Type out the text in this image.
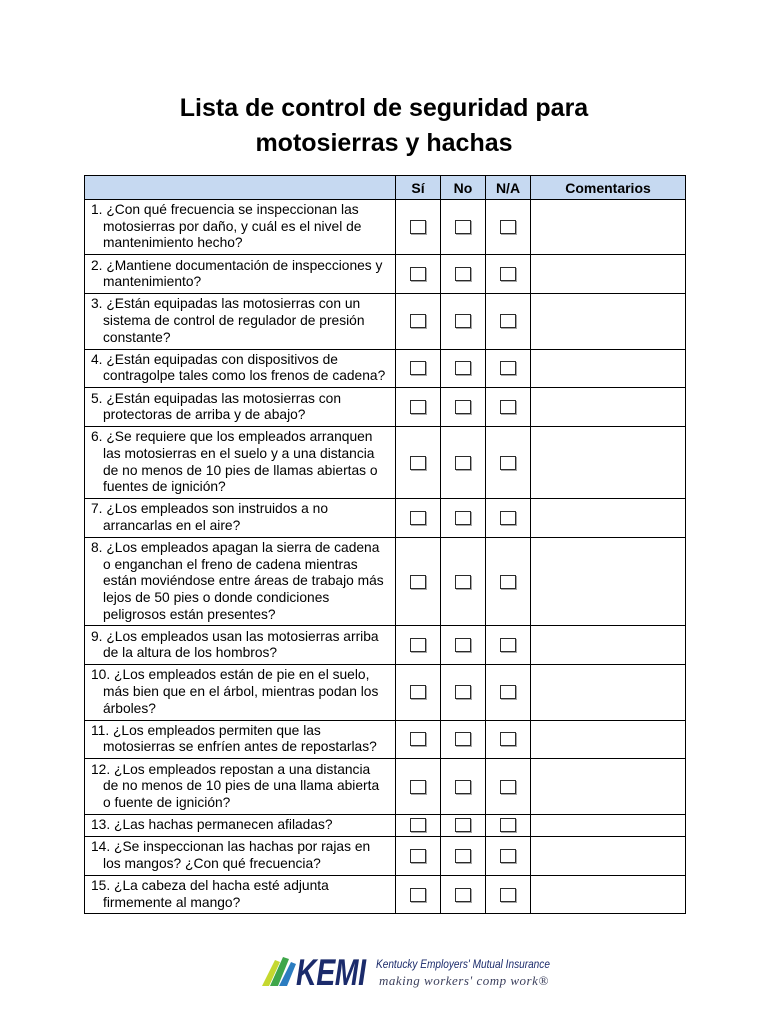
Lista de control de seguridad para
motosierras y hachas
	Sí	No	N/A	Comentarios

1. ¿Con qué frecuencia se inspeccionan las
motosierras por daño, y cuál es el nivel de
mantenimiento hecho?				

2. ¿Mantiene documentación de inspecciones y
mantenimiento?				

3. ¿Están equipadas las motosierras con un
sistema de control de regulador de presión
constante?				

4. ¿Están equipadas con dispositivos de
contragolpe tales como los frenos de cadena?				

5. ¿Están equipadas las motosierras con
protectoras de arriba y de abajo?				

6. ¿Se requiere que los empleados arranquen
las motosierras en el suelo y a una distancia
de no menos de 10 pies de llamas abiertas o
fuentes de ignición?				

7. ¿Los empleados son instruidos a no
arrancarlas en el aire?				

8. ¿Los empleados apagan la sierra de cadena
o enganchan el freno de cadena mientras
están moviéndose entre áreas de trabajo más
lejos de 50 pies o donde condiciones
peligrosos están presentes?				

9. ¿Los empleados usan las motosierras arriba
de la altura de los hombros?				

10. ¿Los empleados están de pie en el suelo,
más bien que en el árbol, mientras podan los
árboles?				

11. ¿Los empleados permiten que las
motosierras se enfríen antes de repostarlas?				

12. ¿Los empleados repostan a una distancia
de no menos de 10 pies de una llama abierta
o fuente de ignición?				

13. ¿Las hachas permanecen afiladas?				

14. ¿Se inspeccionan las hachas por rajas en
los mangos? ¿Con qué frecuencia?				

15. ¿La cabeza del hacha esté adjunta
firmemente al mango?				

KEMI Kentucky Employers' Mutual Insurance
making workers' comp work®
